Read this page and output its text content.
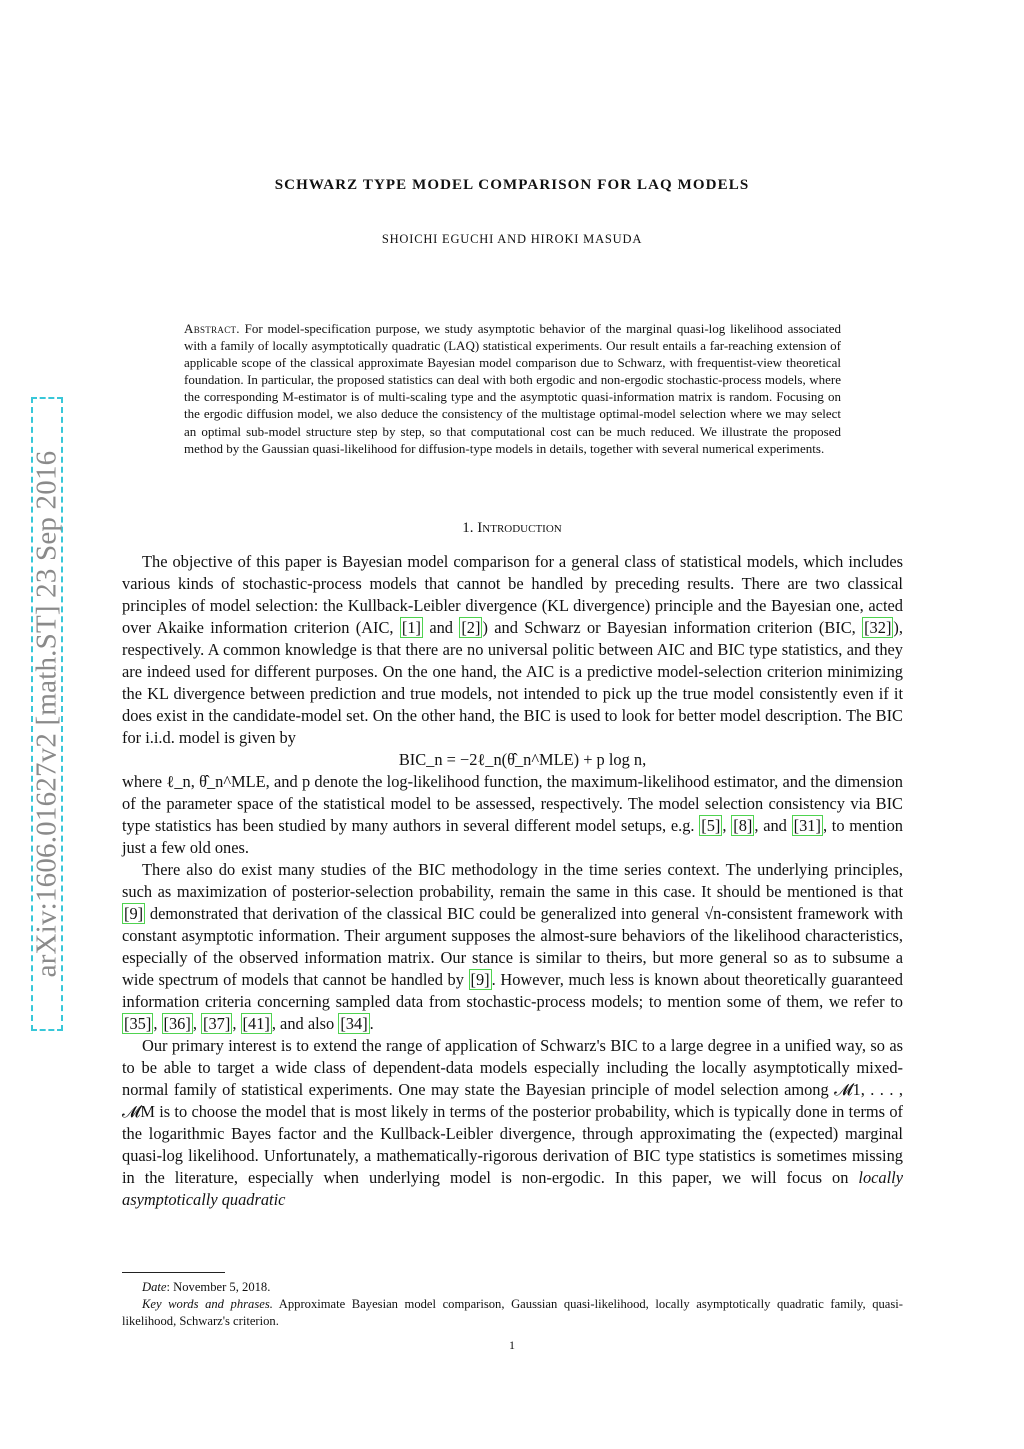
arXiv:1606.01627v2 [math.ST] 23 Sep 2016
SCHWARZ TYPE MODEL COMPARISON FOR LAQ MODELS
SHOICHI EGUCHI AND HIROKI MASUDA
Abstract. For model-specification purpose, we study asymptotic behavior of the marginal quasi-log likelihood associated with a family of locally asymptotically quadratic (LAQ) statistical experiments. Our result entails a far-reaching extension of applicable scope of the classical approximate Bayesian model comparison due to Schwarz, with frequentist-view theoretical foundation. In particular, the proposed statistics can deal with both ergodic and non-ergodic stochastic-process models, where the corresponding M-estimator is of multi-scaling type and the asymptotic quasi-information matrix is random. Focusing on the ergodic diffusion model, we also deduce the consistency of the multistage optimal-model selection where we may select an optimal sub-model structure step by step, so that computational cost can be much reduced. We illustrate the proposed method by the Gaussian quasi-likelihood for diffusion-type models in details, together with several numerical experiments.
1. Introduction

The objective of this paper is Bayesian model comparison for a general class of statistical models, which includes various kinds of stochastic-process models that cannot be handled by preceding results. There are two classical principles of model selection: the Kullback-Leibler divergence (KL divergence) principle and the Bayesian one, acted over Akaike information criterion (AIC, [1] and [2] ) and Schwarz or Bayesian information criterion (BIC, [32] ), respectively. A common knowledge is that there are no universal politic between AIC and BIC type statistics, and they are indeed used for different purposes. On the one hand, the AIC is a predictive model-selection criterion minimizing the KL divergence between prediction and true models, not intended to pick up the true model consistently even if it does exist in the candidate-model set. On the other hand, the BIC is used to look for better model description. The BIC for i.i.d. model is given by

BIC_n = −2ℓ_n(θ̂_n^MLE) + p log n,

where ℓ_n, θ̂_n^MLE, and p denote the log-likelihood function, the maximum-likelihood estimator, and the dimension of the parameter space of the statistical model to be assessed, respectively. The model selection consistency via BIC type statistics has been studied by many authors in several different model setups, e.g. [5] , [8] , and [31] , to mention just a few old ones.

There also do exist many studies of the BIC methodology in the time series context. The underlying principles, such as maximization of posterior-selection probability, remain the same in this case. It should be mentioned is that [9] demonstrated that derivation of the classical BIC could be generalized into general √n-consistent framework with constant asymptotic information. Their argument supposes the almost-sure behaviors of the likelihood characteristics, especially of the observed information matrix. Our stance is similar to theirs, but more general so as to subsume a wide spectrum of models that cannot be handled by [9] . However, much less is known about theoretically guaranteed information criteria concerning sampled data from stochastic-process models; to mention some of them, we refer to [35] , [36] , [37] , [41] , and also [34] .

Our primary interest is to extend the range of application of Schwarz's BIC to a large degree in a unified way, so as to be able to target a wide class of dependent-data models especially including the locally asymptotically mixed-normal family of statistical experiments. One may state the Bayesian principle of model selection among 𝓜1, . . . , 𝓜M is to choose the model that is most likely in terms of the posterior probability, which is typically done in terms of the logarithmic Bayes factor and the Kullback-Leibler divergence, through approximating the (expected) marginal quasi-log likelihood. Unfortunately, a mathematically-rigorous derivation of BIC type statistics is sometimes missing in the literature, especially when underlying model is non-ergodic. In this paper, we will focus on locally asymptotically quadratic

Date: November 5, 2018.

Key words and phrases. Approximate Bayesian model comparison, Gaussian quasi-likelihood, locally asymptotically quadratic family, quasi-likelihood, Schwarz's criterion.

1
